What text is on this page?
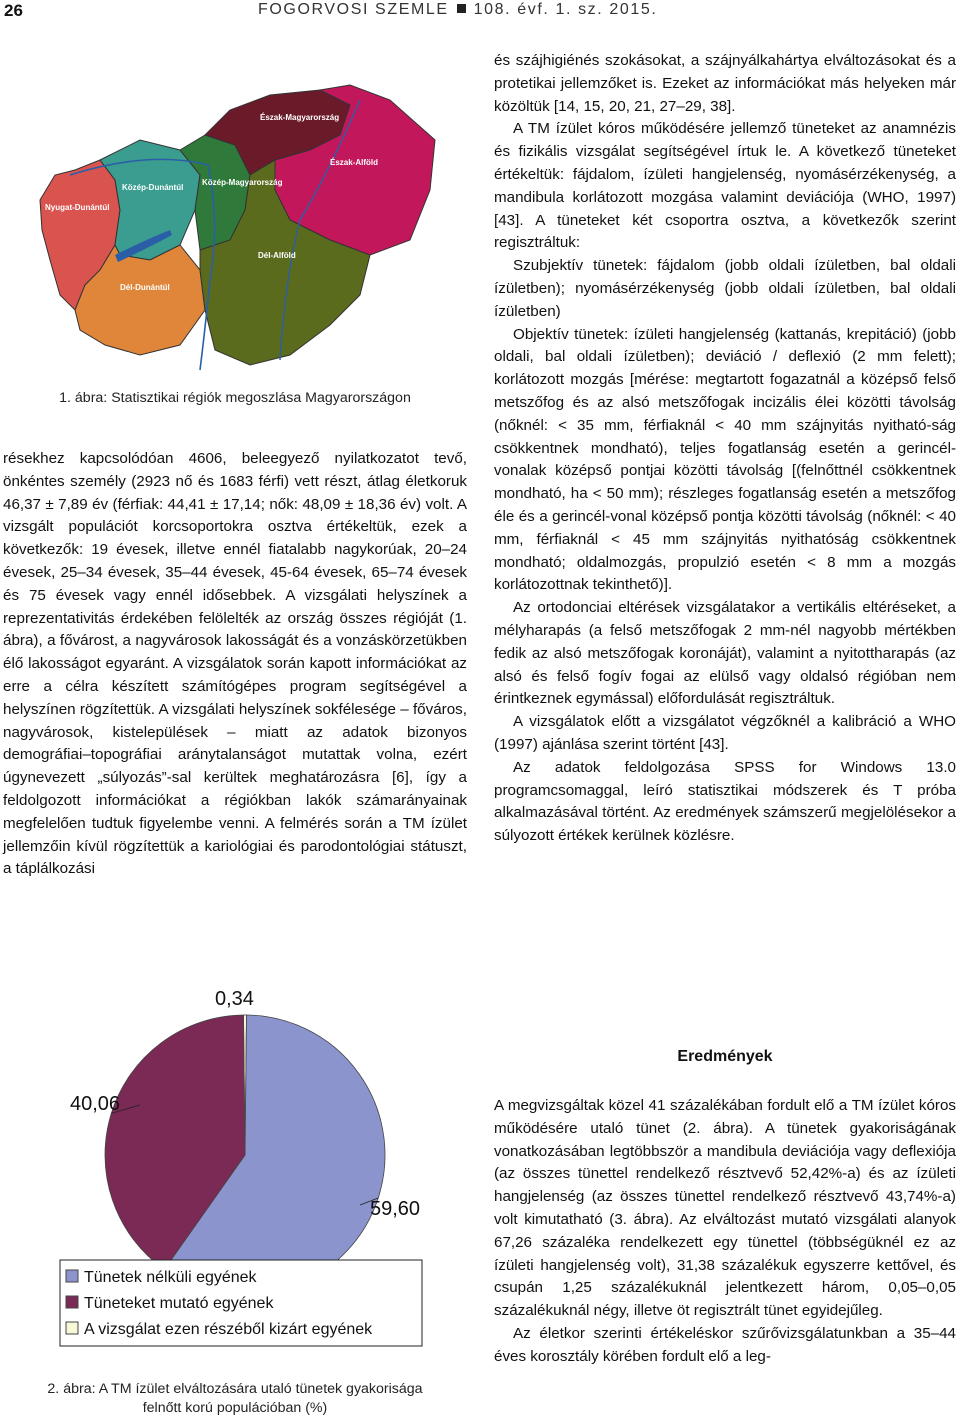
26	FOGORVOSI SZEMLE 108. évf. 1. sz. 2015.
Nyugat-Dunántúl
Közép-Dunántúl
Dél-Dunántúl
Közép-Magyarország
Észak-Magyarország
Észak-Alföld
Dél-Alföld
1. ábra: Statisztikai régiók megoszlása Magyarországon

résekhez kapcsolódóan 4606, beleegyező nyilatkozatot tevő, önkéntes személy (2923 nő és 1683 férfi) vett részt, átlag életkoruk 46,37 ± 7,89 év (férfiak: 44,41 ± 17,14; nők: 48,09 ± 18,36 év) volt. A vizsgált populációt korcsoportokra osztva értékeltük, ezek a következők: 19 évesek, illetve ennél fiatalabb nagykorúak, 20–24 évesek, 25–34 évesek, 35–44 évesek, 45-64 évesek, 65–74 évesek és 75 évesek vagy ennél idősebbek. A vizsgálati helyszínek a reprezentativitás érdekében felölelték az ország összes régióját (1. ábra), a fővárost, a nagyvárosok lakosságát és a vonzáskörzetükben élő lakosságot egyaránt. A vizsgálatok során kapott információkat az erre a célra készített számítógépes program segítségével a helyszínen rögzítettük. A vizsgálati helyszínek sokfélesége – főváros, nagyvárosok, kistelepülések – miatt az adatok bizonyos demográfiai–topográfiai aránytalanságot mutattak volna, ezért úgynevezett „súlyozás”-sal kerültek meghatározásra [6], így a feldolgozott információkat a régiókban lakók számarányainak megfelelően tudtuk figyelembe venni. A felmérés során a TM ízület jellemzőin kívül rögzítettük a kariológiai és parodontológiai státuszt, a táplálkozási

és szájhigiénés szokásokat, a szájnyálkahártya elváltozásokat és a protetikai jellemzőket is. Ezeket az információkat más helyeken már közöltük [14, 15, 20, 21, 27–29, 38].

A TM ízület kóros működésére jellemző tüneteket az anamnézis és fizikális vizsgálat segítségével írtuk le. A következő tüneteket értékeltük: fájdalom, ízületi hangjelenség, nyomásérzékenység, a mandibula korlátozott mozgása valamint deviációja (WHO, 1997) [43]. A tüneteket két csoportra osztva, a következők szerint regisztráltuk:

Szubjektív tünetek: fájdalom (jobb oldali ízületben, bal oldali ízületben); nyomásérzékenység (jobb oldali ízületben, bal oldali ízületben)

Objektív tünetek: ízületi hangjelenség (kattanás, krepitáció) (jobb oldali, bal oldali ízületben); deviáció / deflexió (2 mm felett); korlátozott mozgás [mérése: megtartott fogazatnál a középső felső metszőfog és az alsó metszőfogak incizális élei közötti távolság (nőknél: < 35 mm, férfiaknál < 40 mm szájnyitás nyitható-ság csökkentnek mondható), teljes fogatlanság esetén a gerincél-vonalak középső pontjai közötti távolság [(felnőttnél csökkentnek mondható, ha < 50 mm); részleges fogatlanság esetén a metszőfog éle és a gerincél-vonal középső pontja közötti távolság (nőknél: < 40 mm, férfiaknál < 45 mm szájnyitás nyithatóság csökkentnek mondható; oldalmozgás, propulzió esetén < 8 mm a mozgás korlátozottnak tekinthető)].

Az ortodonciai eltérések vizsgálatakor a vertikális eltéréseket, a mélyharapás (a felső metszőfogak 2 mm-nél nagyobb mértékben fedik az alsó metszőfogak koronáját), valamint a nyitottharapás (az alsó és felső fogív fogai az elülső vagy oldalsó régióban nem érintkeznek egymással) előfordulását regisztráltuk.

A vizsgálatok előtt a vizsgálatot végzőknél a kalibráció a WHO (1997) ajánlása szerint történt [43].

Az adatok feldolgozása SPSS for Windows 13.0 programcsomaggal, leíró statisztikai módszerek és T próba alkalmazásával történt. Az eredmények számszerű megjelölésekor a súlyozott értékek kerülnek közlésre.

Eredmények

A megvizsgáltak közel 41 százalékában fordult elő a TM ízület kóros működésére utaló tünet (2. ábra). A tünetek gyakoriságának vonatkozásában legtöbbször a mandibula deviációja vagy deflexiója (az összes tünettel rendelkező résztvevő 52,42%-a) és az ízületi hangjelenség (az összes tünettel rendelkező résztvevő 43,74%-a) volt kimutatható (3. ábra). Az elváltozást mutató vizsgálati alanyok 67,26 százaléka rendelkezett egy tünettel (többségüknél ez az ízületi hangjelenség volt), 31,38 százalékuk egyszerre kettővel, és csupán 1,25 százalékuknál jelentkezett három, 0,05–0,05 százalékuknál négy, illetve öt regisztrált tünet egyidejűleg.

Az életkor szerinti értékeléskor szűrővizsgálatunkban a 35–44 éves korosztály körében fordult elő a leg-

0,34
40,06
59,60
Tünetek nélküli egyének
Tüneteket mutató egyének
A vizsgálat ezen részéből kizárt egyének
2. ábra: A TM ízület elváltozására utaló tünetek gyakorisága
felnőtt korú populációban (%)
